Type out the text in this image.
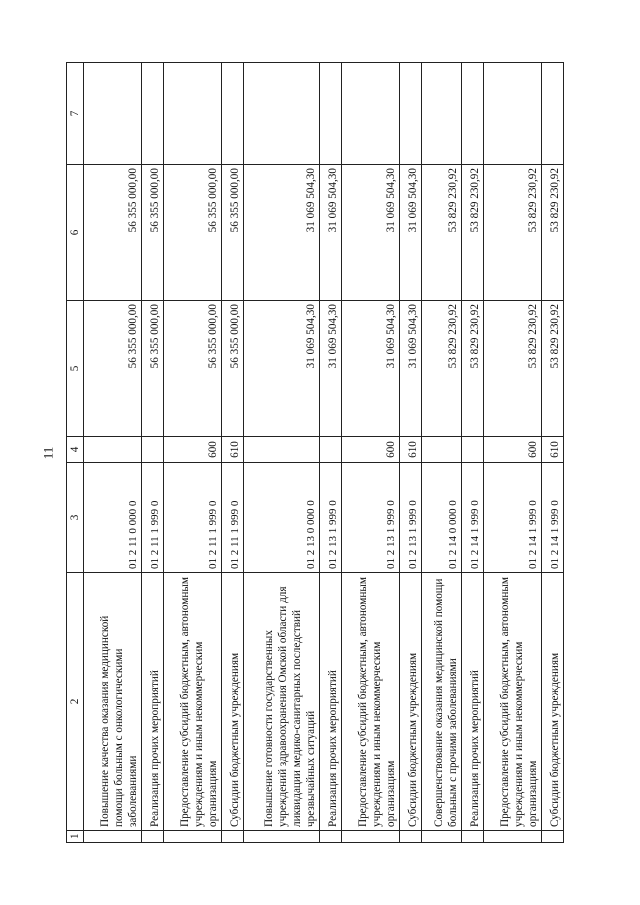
11
1	2	3	4	5	6	7
	Повышение качества оказания медицинской помощи больным с онкологическими заболеваниями	01 2 11 0 000 0		56 355 000,00	56 355 000,00	
	Реализация прочих мероприятий	01 2 11 1 999 0		56 355 000,00	56 355 000,00	
	Предоставление субсидий бюджетным, автономным учреждениям и иным некоммерческим организациям	01 2 11 1 999 0	600	56 355 000,00	56 355 000,00	
	Субсидии бюджетным учреждениям	01 2 11 1 999 0	610	56 355 000,00	56 355 000,00	
	Повышение готовности государственных учреждений здравоохранения Омской области для ликвидации медико-санитарных последствий чрезвычайных ситуаций	01 2 13 0 000 0		31 069 504,30	31 069 504,30	
	Реализация прочих мероприятий	01 2 13 1 999 0		31 069 504,30	31 069 504,30	
	Предоставление субсидий бюджетным, автономным учреждениям и иным некоммерческим организациям	01 2 13 1 999 0	600	31 069 504,30	31 069 504,30	
	Субсидии бюджетным учреждениям	01 2 13 1 999 0	610	31 069 504,30	31 069 504,30	
	Совершенствование оказания медицинской помощи больным с прочими заболеваниями	01 2 14 0 000 0		53 829 230,92	53 829 230,92	
	Реализация прочих мероприятий	01 2 14 1 999 0		53 829 230,92	53 829 230,92	
	Предоставление субсидий бюджетным, автономным учреждениям и иным некоммерческим организациям	01 2 14 1 999 0	600	53 829 230,92	53 829 230,92	
	Субсидии бюджетным учреждениям	01 2 14 1 999 0	610	53 829 230,92	53 829 230,92	
